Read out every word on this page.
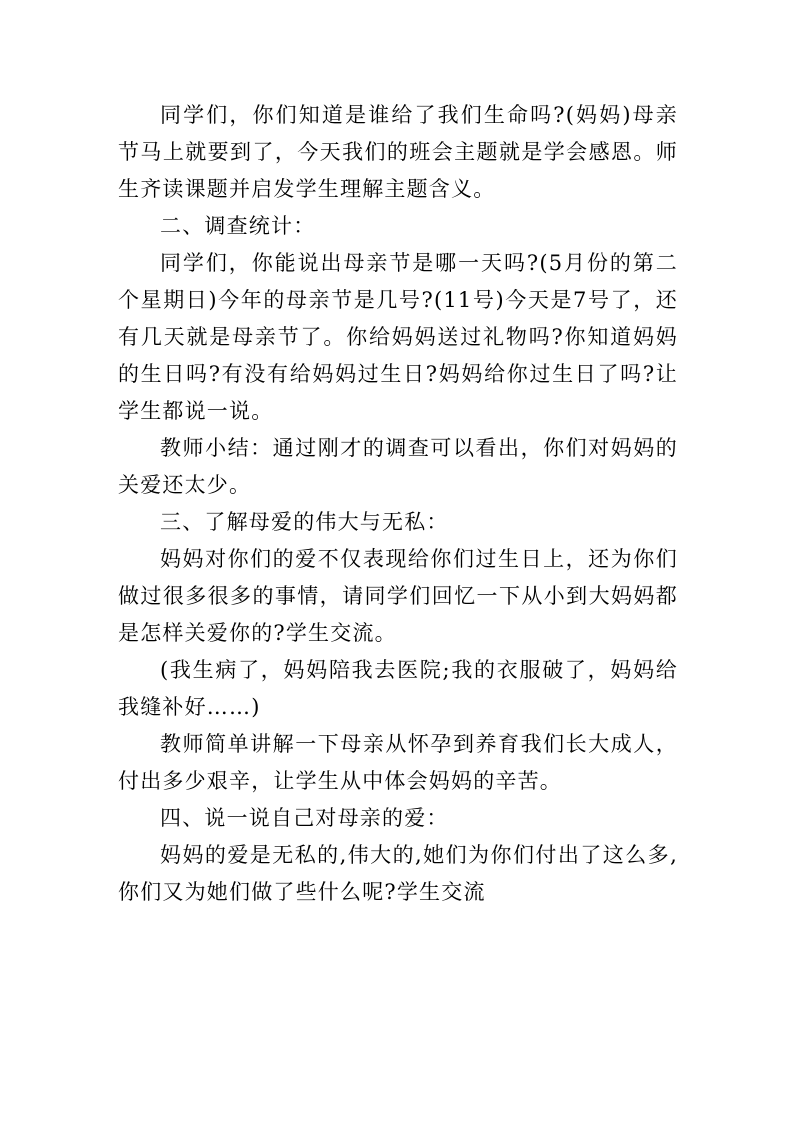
同学们，你们知道是谁给了我们生命吗?(妈妈)母亲节马上就要到了，今天我们的班会主题就是学会感恩。师生齐读课题并启发学生理解主题含义。

二、调查统计：

同学们，你能说出母亲节是哪一天吗?(5月份的第二个星期日)今年的母亲节是几号?(11号)今天是7号了，还有几天就是母亲节了。你给妈妈送过礼物吗?你知道妈妈的生日吗?有没有给妈妈过生日?妈妈给你过生日了吗?让学生都说一说。

教师小结：通过刚才的调查可以看出，你们对妈妈的关爱还太少。

三、了解母爱的伟大与无私：

妈妈对你们的爱不仅表现给你们过生日上，还为你们做过很多很多的事情，请同学们回忆一下从小到大妈妈都是怎样关爱你的?学生交流。

(我生病了，妈妈陪我去医院;我的衣服破了，妈妈给我缝补好……)

教师简单讲解一下母亲从怀孕到养育我们长大成人，付出多少艰辛，让学生从中体会妈妈的辛苦。

四、说一说自己对母亲的爱：

妈妈的爱是无私的,伟大的,她们为你们付出了这么多,你们又为她们做了些什么呢?学生交流
